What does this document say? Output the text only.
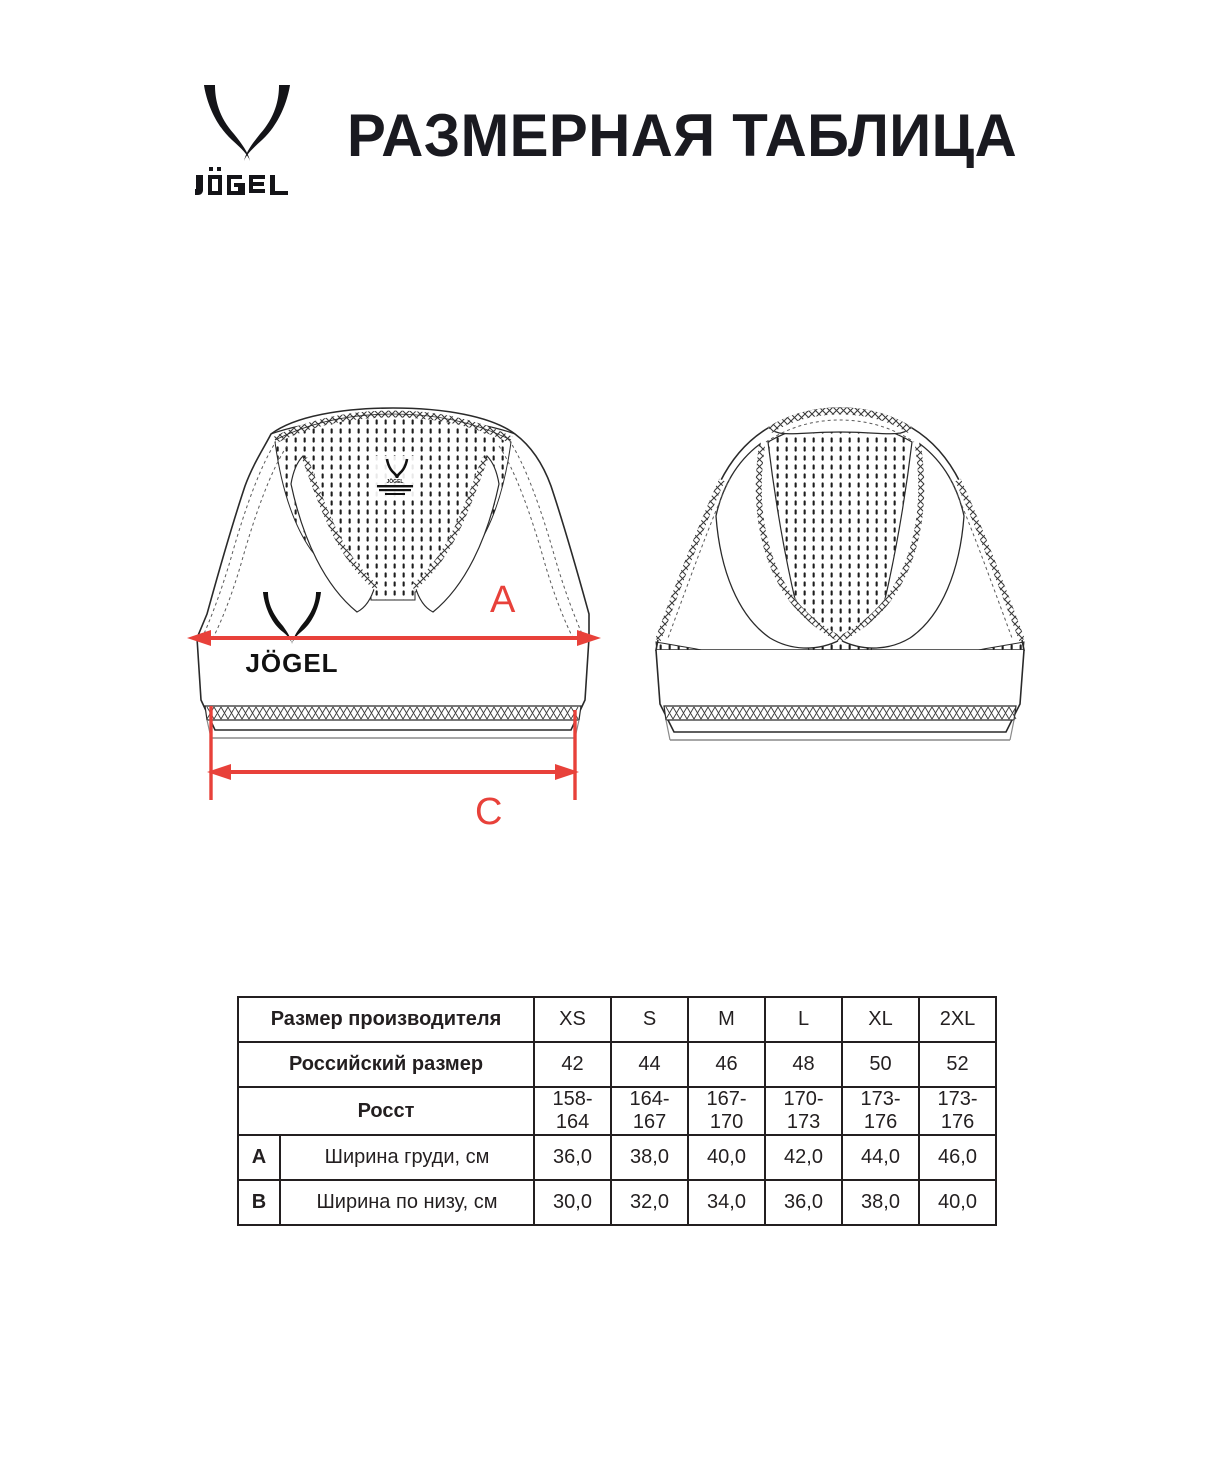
РАЗМЕРНАЯ ТАБЛИЦА
JÖGEL
JÖGEL
A
C
Размер производителя		XS	S	M	L	XL	2XL
Российский размер		42	44	46	48	50	52
Росст		158-164	164-167	167-170	170-173	173-176	173-176
A	Ширина груди, см	36,0	38,0	40,0	42,0	44,0	46,0
B	Ширина по низу, см	30,0	32,0	34,0	36,0	38,0	40,0
